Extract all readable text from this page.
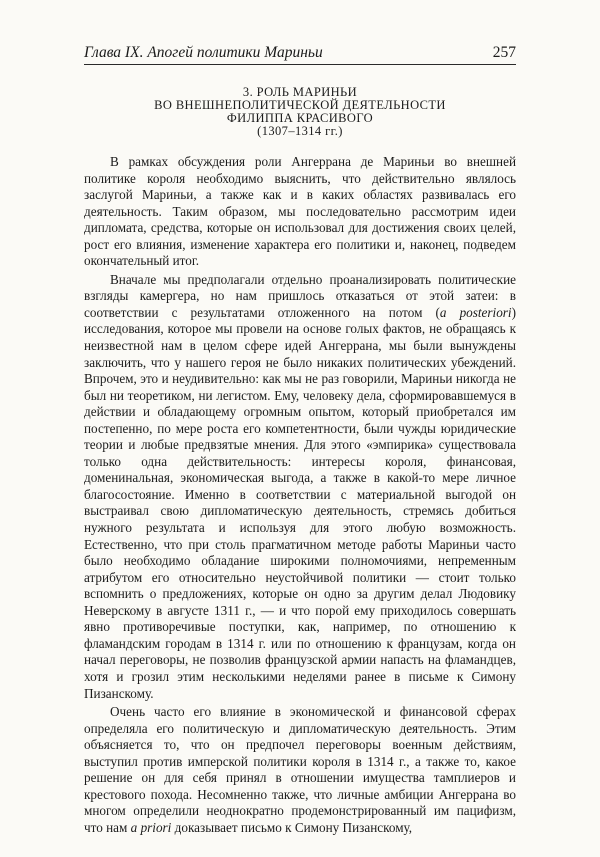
Глава IX. Апогей политики Мариньи	257
3. РОЛЬ МАРИНЬИ
ВО ВНЕШНЕПОЛИТИЧЕСКОЙ ДЕЯТЕЛЬНОСТИ
ФИЛИППА КРАСИВОГО
(1307–1314 гг.)

В рамках обсуждения роли Ангеррана де Мариньи во внешней политике короля необходимо выяснить, что действительно являлось заслугой Мариньи, а также как и в каких областях развивалась его деятельность. Таким образом, мы последовательно рассмотрим идеи дипломата, средства, которые он использовал для достижения своих целей, рост его влияния, изменение характера его политики и, наконец, подведем окончательный итог.

Вначале мы предполагали отдельно проанализировать политические взгляды камергера, но нам пришлось отказаться от этой затеи: в соответствии с результатами отложенного на потом (a posteriori) исследования, которое мы провели на основе голых фактов, не обращаясь к неизвестной нам в целом сфере идей Ангеррана, мы были вынуждены заключить, что у нашего героя не было никаких политических убеждений. Впрочем, это и неудивительно: как мы не раз говорили, Мариньи никогда не был ни теоретиком, ни легистом. Ему, человеку дела, сформировавшемуся в действии и обладающему огромным опытом, который приобретался им постепенно, по мере роста его компетентности, были чужды юридические теории и любые предвзятые мнения. Для этого «эмпирика» существовала только одна действительность: интересы короля, финансовая, доменинальная, экономическая выгода, а также в какой-то мере личное благосостояние. Именно в соответствии с материальной выгодой он выстраивал свою дипломатическую деятельность, стремясь добиться нужного результата и используя для этого любую возможность. Естественно, что при столь прагматичном методе работы Мариньи часто было необходимо обладание широкими полномочиями, непременным атрибутом его относительно неустойчивой политики — стоит только вспомнить о предложениях, которые он одно за другим делал Людовику Неверскому в августе 1311 г., — и что порой ему приходилось совершать явно противоречивые поступки, как, например, по отношению к фламандским городам в 1314 г. или по отношению к французам, когда он начал переговоры, не позволив французской армии напасть на фламандцев, хотя и грозил этим несколькими неделями ранее в письме к Симону Пизанскому.

Очень часто его влияние в экономической и финансовой сферах определяла его политическую и дипломатическую деятельность. Этим объясняется то, что он предпочел переговоры военным действиям, выступил против имперской политики короля в 1314 г., а также то, какое решение он для себя принял в отношении имущества тамплиеров и крестового похода. Несомненно также, что личные амбиции Ангеррана во многом определили неоднократно продемонстрированный им пацифизм, что нам a priori доказывает письмо к Симону Пизанскому,
